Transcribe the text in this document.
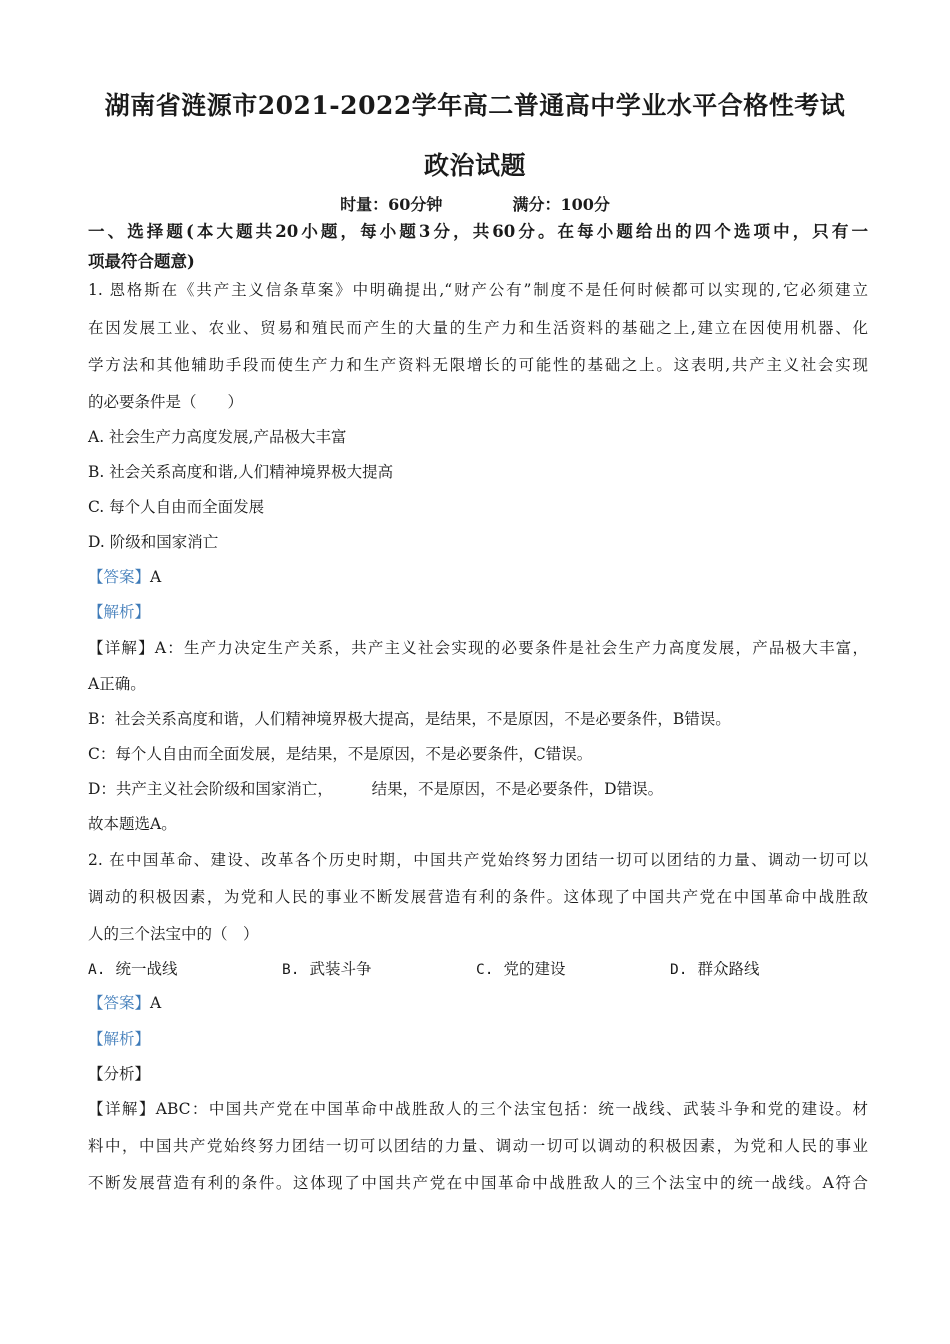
湖南省涟源市2021-2022学年高二普通高中学业水平合格性考试
政治试题
时量：60分钟	满分：100分
一、选择题(本大题共20小题，每小题3分，共60分。在每小题给出的四个选项中，只有一
项最符合题意)
1. 恩格斯在《共产主义信条草案》中明确提出,“财产公有”制度不是任何时候都可以实现的,它必须建立
在因发展工业、农业、贸易和殖民而产生的大量的生产力和生活资料的基础之上,建立在因使用机器、化
学方法和其他辅助手段而使生产力和生产资料无限增长的可能性的基础之上。这表明,共产主义社会实现
的必要条件是（　　）
A. 社会生产力高度发展,产品极大丰富
B. 社会关系高度和谐,人们精神境界极大提高
C. 每个人自由而全面发展
D. 阶级和国家消亡
【答案】A
【解析】
【详解】A：生产力决定生产关系，共产主义社会实现的必要条件是社会生产力高度发展，产品极大丰富，
A正确。
B：社会关系高度和谐，人们精神境界极大提高，是结果，不是原因，不是必要条件，B错误。
C：每个人自由而全面发展，是结果，不是原因，不是必要条件，C错误。
D：共产主义社会阶级和国家消亡，　　　结果，不是原因，不是必要条件，D错误。
故本题选A。
2. 在中国革命、建设、改革各个历史时期，中国共产党始终努力团结一切可以团结的力量、调动一切可以
调动的积极因素，为党和人民的事业不断发展营造有利的条件。这体现了中国共产党在中国革命中战胜敌
人的三个法宝中的（　）
A. 统一战线	B. 武装斗争	C. 党的建设	D. 群众路线
【答案】A
【解析】
【分析】
【详解】ABC：中国共产党在中国革命中战胜敌人的三个法宝包括：统一战线、武装斗争和党的建设。材
料中，中国共产党始终努力团结一切可以团结的力量、调动一切可以调动的积极因素，为党和人民的事业
不断发展营造有利的条件。这体现了中国共产党在中国革命中战胜敌人的三个法宝中的统一战线。A符合
